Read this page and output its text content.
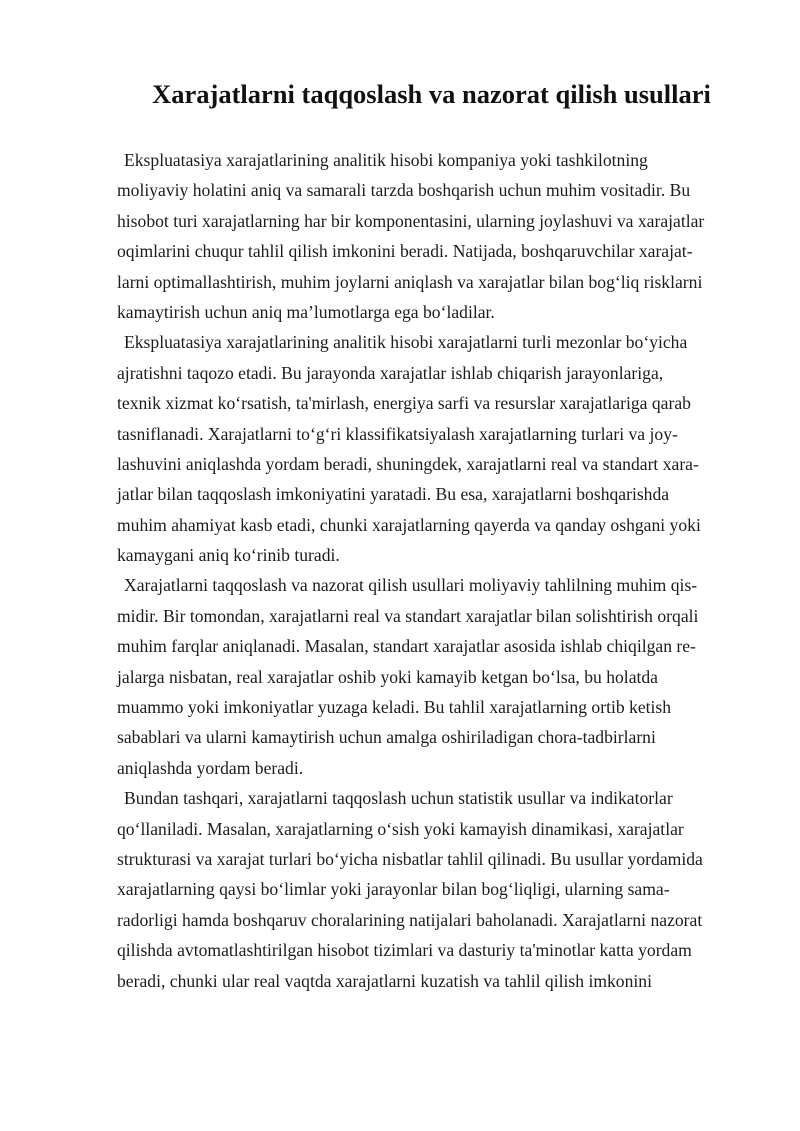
Xarajatlarni taqqoslash va nazorat qilish usullari
Ekspluatasiya xarajatlarining analitik hisobi kompaniya yoki tashkilotning
moliyaviy holatini aniq va samarali tarzda boshqarish uchun muhim vositadir. Bu
hisobot turi xarajatlarning har bir komponentasini, ularning joylashuvi va xarajatlar
oqimlarini chuqur tahlil qilish imkonini beradi. Natijada, boshqaruvchilar xarajat-
larni optimallashtirish, muhim joylarni aniqlash va xarajatlar bilan bog‘liq risklarni
kamaytirish uchun aniq ma’lumotlarga ega bo‘ladilar.
Ekspluatasiya xarajatlarining analitik hisobi xarajatlarni turli mezonlar bo‘yicha
ajratishni taqozo etadi. Bu jarayonda xarajatlar ishlab chiqarish jarayonlariga,
texnik xizmat ko‘rsatish, ta'mirlash, energiya sarfi va resurslar xarajatlariga qarab
tasniflanadi. Xarajatlarni to‘g‘ri klassifikatsiyalash xarajatlarning turlari va joy-
lashuvini aniqlashda yordam beradi, shuningdek, xarajatlarni real va standart xara-
jatlar bilan taqqoslash imkoniyatini yaratadi. Bu esa, xarajatlarni boshqarishda
muhim ahamiyat kasb etadi, chunki xarajatlarning qayerda va qanday oshgani yoki
kamaygani aniq ko‘rinib turadi.
Xarajatlarni taqqoslash va nazorat qilish usullari moliyaviy tahlilning muhim qis-
midir. Bir tomondan, xarajatlarni real va standart xarajatlar bilan solishtirish orqali
muhim farqlar aniqlanadi. Masalan, standart xarajatlar asosida ishlab chiqilgan re-
jalarga nisbatan, real xarajatlar oshib yoki kamayib ketgan bo‘lsa, bu holatda
muammo yoki imkoniyatlar yuzaga keladi. Bu tahlil xarajatlarning ortib ketish
sabablari va ularni kamaytirish uchun amalga oshiriladigan chora-tadbirlarni
aniqlashda yordam beradi.
Bundan tashqari, xarajatlarni taqqoslash uchun statistik usullar va indikatorlar
qo‘llaniladi. Masalan, xarajatlarning o‘sish yoki kamayish dinamikasi, xarajatlar
strukturasi va xarajat turlari bo‘yicha nisbatlar tahlil qilinadi. Bu usullar yordamida
xarajatlarning qaysi bo‘limlar yoki jarayonlar bilan bog‘liqligi, ularning sama-
radorligi hamda boshqaruv choralarining natijalari baholanadi. Xarajatlarni nazorat
qilishda avtomatlashtirilgan hisobot tizimlari va dasturiy ta'minotlar katta yordam
beradi, chunki ular real vaqtda xarajatlarni kuzatish va tahlil qilish imkonini
